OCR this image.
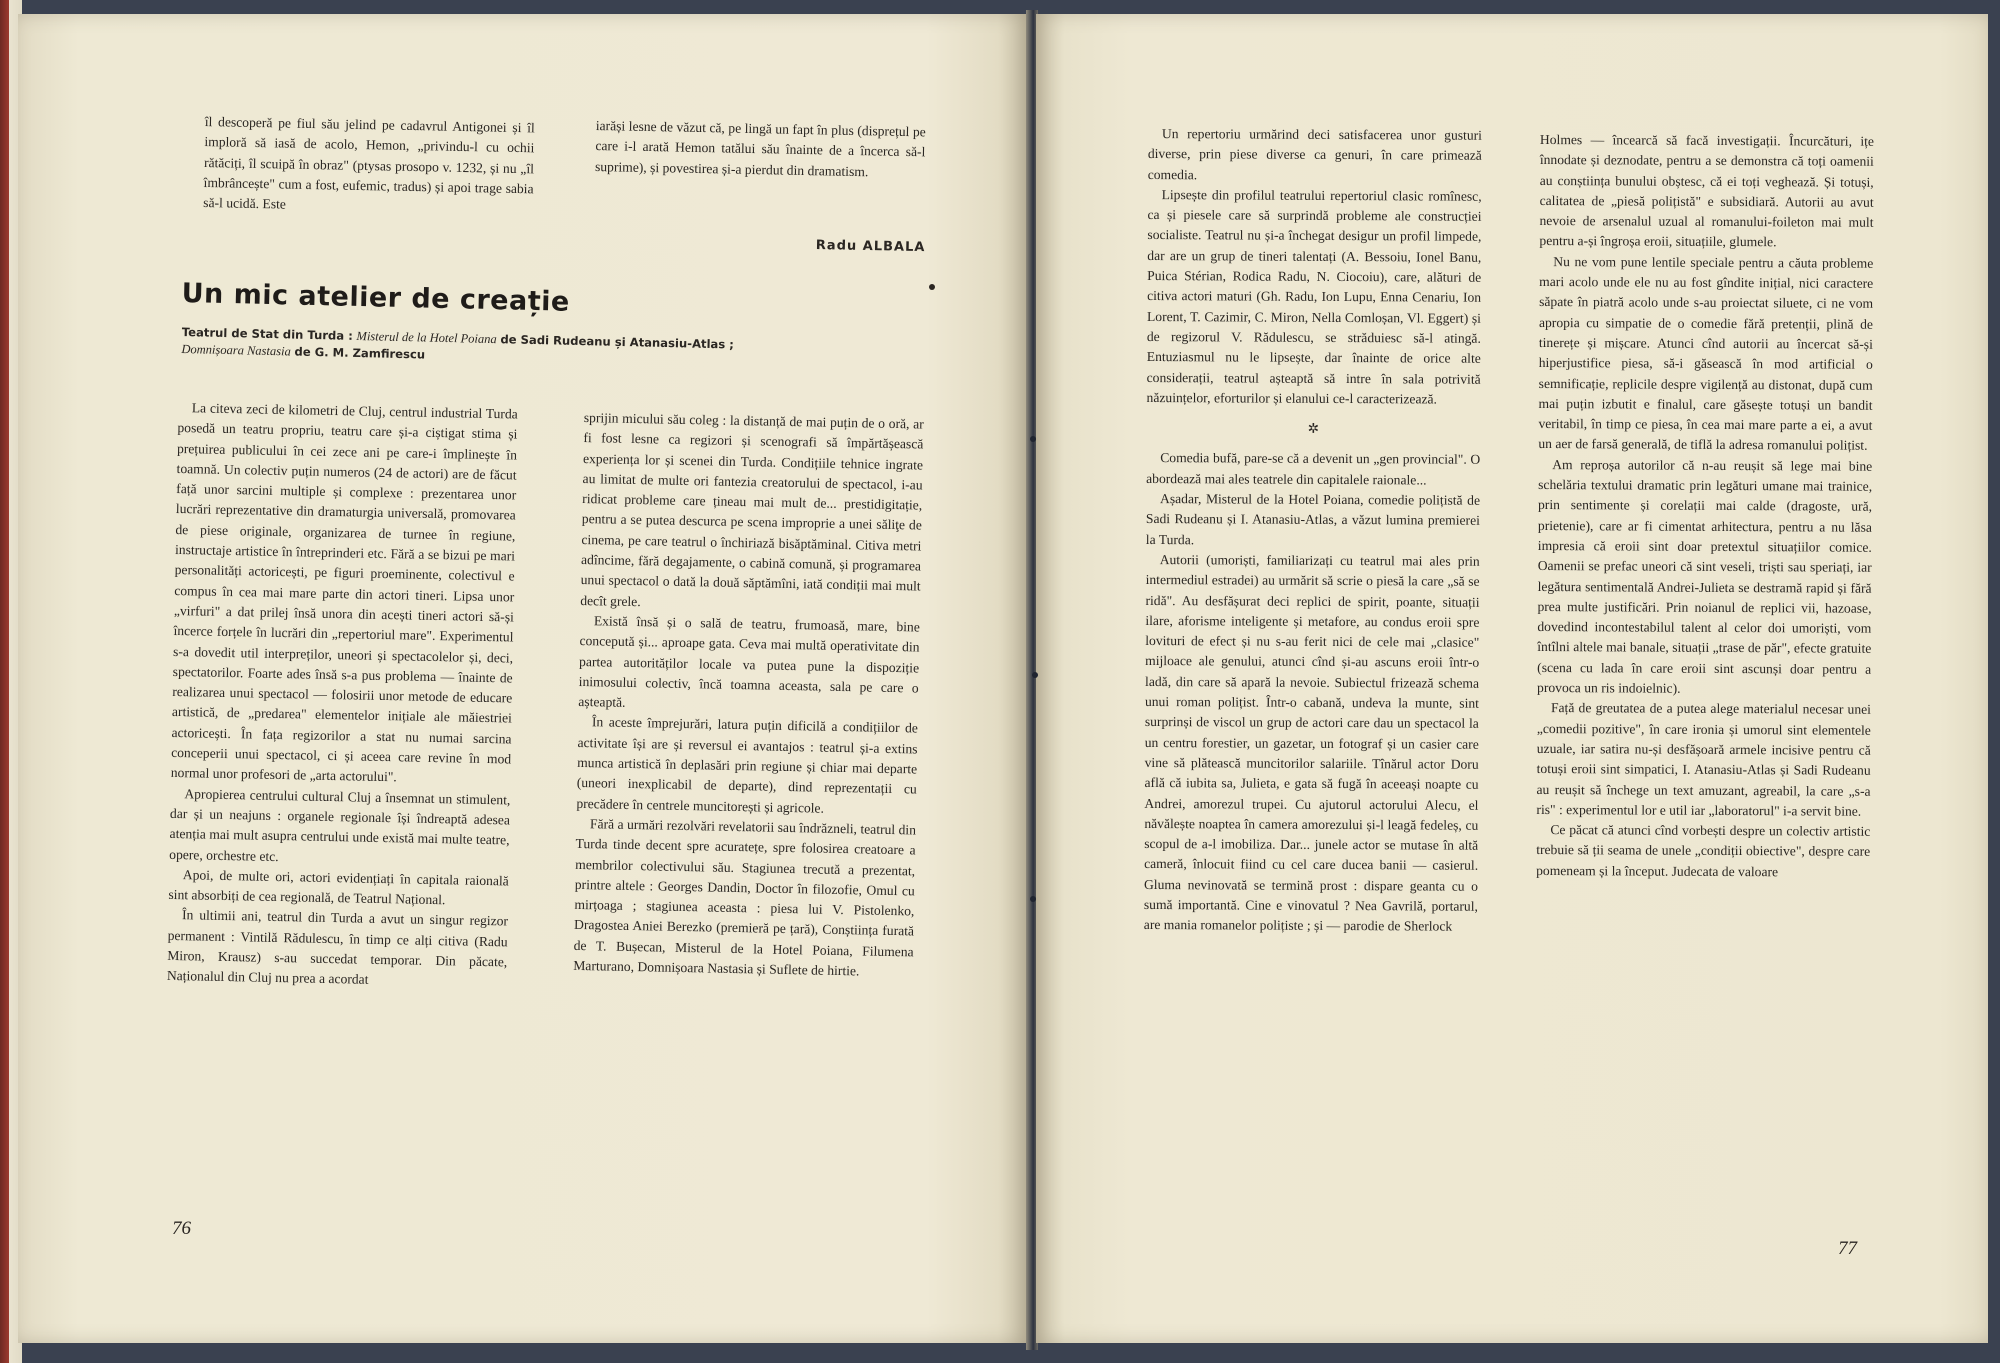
îl descoperă pe fiul său jelind pe cadavrul Antigonei și îl imploră să iasă de acolo, Hemon, „privindu-l cu ochii rătăciți, îl scuipă în obraz" (ptysas prosopo v. 1232, și nu „îl îmbrâncește" cum a fost, eufemic, tradus) și apoi trage sabia să-l ucidă. Este

iarăși lesne de văzut că, pe lingă un fapt în plus (disprețul pe care i-l arată Hemon tatălui său înainte de a încerca să-l suprime), și povestirea și-a pierdut din dramatism.

Radu ALBALA
Un mic atelier de creație
Teatrul de Stat din Turda : Misterul de la Hotel Poiana de Sadi Rudeanu și Atanasiu-Atlas ;
Domnișoara Nastasia de G. M. Zamfirescu

La citeva zeci de kilometri de Cluj, centrul industrial Turda posedă un teatru propriu, teatru care și-a ciștigat stima și prețuirea publicului în cei zece ani pe care-i împlinește în toamnă. Un colectiv puțin numeros (24 de actori) are de făcut față unor sarcini multiple și complexe : prezentarea unor lucrări reprezentative din dramaturgia universală, promovarea de piese originale, organizarea de turnee în regiune, instructaje artistice în întreprinderi etc. Fără a se bizui pe mari personalități actoricești, pe figuri proeminente, colectivul e compus în cea mai mare parte din actori tineri. Lipsa unor „virfuri" a dat prilej însă unora din acești tineri actori să-și încerce forțele în lucrări din „repertoriul mare". Experimentul s-a dovedit util interpreților, uneori și spectacolelor și, deci, spectatorilor. Foarte ades însă s-a pus problema — înainte de realizarea unui spectacol — folosirii unor metode de educare artistică, de „predarea" elementelor inițiale ale măiestriei actoricești. În fața regizorilor a stat nu numai sarcina conceperii unui spectacol, ci și aceea care revine în mod normal unor profesori de „arta actorului".

Apropierea centrului cultural Cluj a însemnat un stimulent, dar și un neajuns : organele regionale își îndreaptă adesea atenția mai mult asupra centrului unde există mai multe teatre, opere, orchestre etc.

Apoi, de multe ori, actori evidențiați în capitala raională sint absorbiți de cea regională, de Teatrul Național.

În ultimii ani, teatrul din Turda a avut un singur regizor permanent : Vintilă Rădulescu, în timp ce alți citiva (Radu Miron, Krausz) s-au succedat temporar. Din păcate, Naționalul din Cluj nu prea a acordat

sprijin micului său coleg : la distanță de mai puțin de o oră, ar fi fost lesne ca regizori și scenografi să împărtășească experiența lor și scenei din Turda. Condițiile tehnice ingrate au limitat de multe ori fantezia creatorului de spectacol, i-au ridicat probleme care țineau mai mult de... prestidigitație, pentru a se putea descurca pe scena improprie a unei săliţe de cinema, pe care teatrul o închiriază bisăptăminal. Citiva metri adîncime, fără degajamente, o cabină comună, și programarea unui spectacol o dată la două săptămîni, iată condiții mai mult decît grele.

Există însă și o sală de teatru, frumoasă, mare, bine concepută și... aproape gata. Ceva mai multă operativitate din partea autorităților locale va putea pune la dispoziție inimosului colectiv, încă toamna aceasta, sala pe care o așteaptă.

În aceste împrejurări, latura puțin dificilă a condițiilor de activitate își are și reversul ei avantajos : teatrul și-a extins munca artistică în deplasări prin regiune și chiar mai departe (uneori inexplicabil de departe), dind reprezentații cu precădere în centrele muncitorești și agricole.

Fără a urmări rezolvări revelatorii sau îndrăzneli, teatrul din Turda tinde decent spre acuratețe, spre folosirea creatoare a membrilor colectivului său. Stagiunea trecută a prezentat, printre altele : Georges Dandin, Doctor în filozofie, Omul cu mirțoaga ; stagiunea aceasta : piesa lui V. Pistolenko, Dragostea Aniei Berezko (premieră pe țară), Conștiința furată de T. Bușecan, Misterul de la Hotel Poiana, Filumena Marturano, Domnișoara Nastasia și Suflete de hirtie.

76

Un repertoriu urmărind deci satisfacerea unor gusturi diverse, prin piese diverse ca genuri, în care primează comedia.

Lipsește din profilul teatrului repertoriul clasic romînesc, ca și piesele care să surprindă probleme ale construcției socialiste. Teatrul nu și-a închegat desigur un profil limpede, dar are un grup de tineri talentați (A. Bessoiu, Ionel Banu, Puica Stérian, Rodica Radu, N. Ciocoiu), care, alături de citiva actori maturi (Gh. Radu, Ion Lupu, Enna Cenariu, Ion Lorent, T. Cazimir, C. Miron, Nella Comloșan, Vl. Eggert) și de regizorul V. Rădulescu, se străduiesc să-l atingă. Entuziasmul nu le lipsește, dar înainte de orice alte considerații, teatrul așteaptă să intre în sala potrivită năzuințelor, eforturilor și elanului ce-l caracterizează.

✲

Comedia bufă, pare-se că a devenit un „gen provincial". O abordează mai ales teatrele din capitalele raionale...

Așadar, Misterul de la Hotel Poiana, comedie polițistă de Sadi Rudeanu și I. Atanasiu-Atlas, a văzut lumina premierei la Turda.

Autorii (umoriști, familiarizați cu teatrul mai ales prin intermediul estradei) au urmărit să scrie o piesă la care „să se ridă". Au desfășurat deci replici de spirit, poante, situații ilare, aforisme inteligente și metafore, au condus eroii spre lovituri de efect și nu s-au ferit nici de cele mai „clasice" mijloace ale genului, atunci cînd și-au ascuns eroii într-o ladă, din care să apară la nevoie. Subiectul frizează schema unui roman polițist. Într-o cabană, undeva la munte, sint surprinși de viscol un grup de actori care dau un spectacol la un centru forestier, un gazetar, un fotograf și un casier care vine să plătească muncitorilor salariile. Tînărul actor Doru află că iubita sa, Julieta, e gata să fugă în aceeași noapte cu Andrei, amorezul trupei. Cu ajutorul actorului Alecu, el năvălește noaptea în camera amorezului și-l leagă fedeleș, cu scopul de a-l imobiliza. Dar... junele actor se mutase în altă cameră, înlocuit fiind cu cel care ducea banii — casierul. Gluma nevinovată se termină prost : dispare geanta cu o sumă importantă. Cine e vinovatul ? Nea Gavrilă, portarul, are mania romanelor polițiste ; și — parodie de Sherlock

Holmes — încearcă să facă investigații. Încurcături, ițe înnodate și deznodate, pentru a se demonstra că toți oamenii au conștiința bunului obștesc, că ei toți veghează. Și totuși, calitatea de „piesă polițistă" e subsidiară. Autorii au avut nevoie de arsenalul uzual al romanului-foileton mai mult pentru a-și îngroșa eroii, situațiile, glumele.

Nu ne vom pune lentile speciale pentru a căuta probleme mari acolo unde ele nu au fost gîndite inițial, nici caractere săpate în piatră acolo unde s-au proiectat siluete, ci ne vom apropia cu simpatie de o comedie fără pretenții, plină de tinerețe și mișcare. Atunci cînd autorii au încercat să-și hiperjustifice piesa, să-i găsească în mod artificial o semnificație, replicile despre vigilență au distonat, după cum mai puțin izbutit e finalul, care găsește totuși un bandit veritabil, în timp ce piesa, în cea mai mare parte a ei, a avut un aer de farsă generală, de tiflă la adresa romanului polițist.

Am reproșa autorilor că n-au reușit să lege mai bine schelăria textului dramatic prin legături umane mai trainice, prin sentimente și corelații mai calde (dragoste, ură, prietenie), care ar fi cimentat arhitectura, pentru a nu lăsa impresia că eroii sint doar pretextul situațiilor comice. Oamenii se prefac uneori că sint veseli, triști sau speriați, iar legătura sentimentală Andrei-Julieta se destramă rapid și fără prea multe justificări. Prin noianul de replici vii, hazoase, dovedind incontestabilul talent al celor doi umoriști, vom întîlni altele mai banale, situații „trase de păr", efecte gratuite (scena cu lada în care eroii sint ascunși doar pentru a provoca un ris indoielnic).

Față de greutatea de a putea alege materialul necesar unei „comedii pozitive", în care ironia și umorul sint elementele uzuale, iar satira nu-și desfășoară armele incisive pentru că totuși eroii sint simpatici, I. Atanasiu-Atlas și Sadi Rudeanu au reușit să închege un text amuzant, agreabil, la care „s-a ris" : experimentul lor e util iar „laboratorul" i-a servit bine.

Ce păcat că atunci cînd vorbești despre un colectiv artistic trebuie să ții seama de unele „condiții obiective", despre care pomeneam și la început. Judecata de valoare

77
